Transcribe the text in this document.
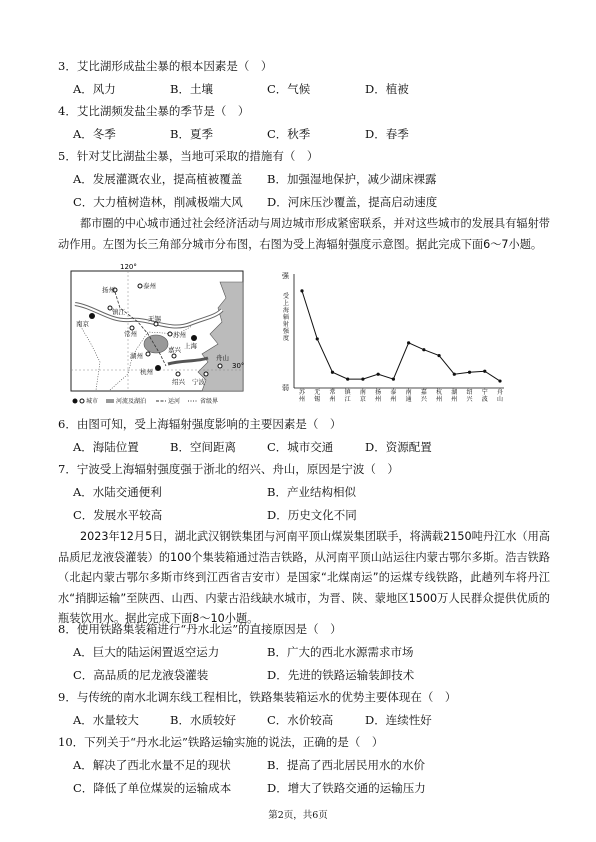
3．艾比湖形成盐尘暴的根本因素是（　）
A．风力	B．土壤	C．气候	D．植被
4．艾比湖频发盐尘暴的季节是（　）
A．冬季	B．夏季	C．秋季	D．春季
5．针对艾比湖盐尘暴，当地可采取的措施有（　）
A．发展灌溉农业，提高植被覆盖 B．加强湿地保护，减少湖床裸露
C．大力植树造林，削减极端大风 D．河床压沙覆盖，提高启动速度
都市圈的中心城市通过社会经济活动与周边城市形成紧密联系，并对这些城市的发展具有辐射带动作用。左图为长三角部分城市分布图，右图为受上海辐射强度示意图。据此完成下面6～7小题。
120°
30°
扬州	泰州
镇江
南京
常州
无锡
苏州
上海
湖州
嘉兴
杭州
绍兴 宁波
舟山
城市	河流及湖泊	运河	省级界
强
弱
受上海辐射强度
苏州
无锡
常州
镇江
南京
扬州
泰州
南通
嘉兴
杭州
湖州
绍兴
宁波
舟山
6．由图可知，受上海辐射强度影响的主要因素是（　）
A．海陆位置	B．空间距离	C．城市交通	D．资源配置
7．宁波受上海辐射强度强于浙北的绍兴、舟山，原因是宁波（　）
A．水陆交通便利	B．产业结构相似
C．发展水平较高	D．历史文化不同
2023年12月5日，湖北武汉钢铁集团与河南平顶山煤炭集团联手，将满载2150吨丹江水（用高品质尼龙液袋灌装）的100个集装箱通过浩吉铁路，从河南平顶山站运往内蒙古鄂尔多斯。浩吉铁路（北起内蒙古鄂尔多斯市终到江西省吉安市）是国家“北煤南运”的运煤专线铁路，此趟列车将丹江水“捎脚运输”至陕西、山西、内蒙古沿线缺水城市，为晋、陕、蒙地区1500万人民群众提供优质的瓶装饮用水。据此完成下面8～10小题。
8．使用铁路集装箱进行“丹水北运”的直接原因是（　）
A．巨大的陆运闲置返空运力	B．广大的西北水源需求市场
C．高品质的尼龙液袋灌装	D．先进的铁路运输装卸技术
9．与传统的南水北调东线工程相比，铁路集装箱运水的优势主要体现在（　）
A．水量较大	B．水质较好	C．水价较高	D．连续性好
10．下列关于“丹水北运”铁路运输实施的说法，正确的是（　）
A．解决了西北水量不足的现状	B．提高了西北居民用水的水价
C．降低了单位煤炭的运输成本	D．增大了铁路交通的运输压力
第2页，共6页
